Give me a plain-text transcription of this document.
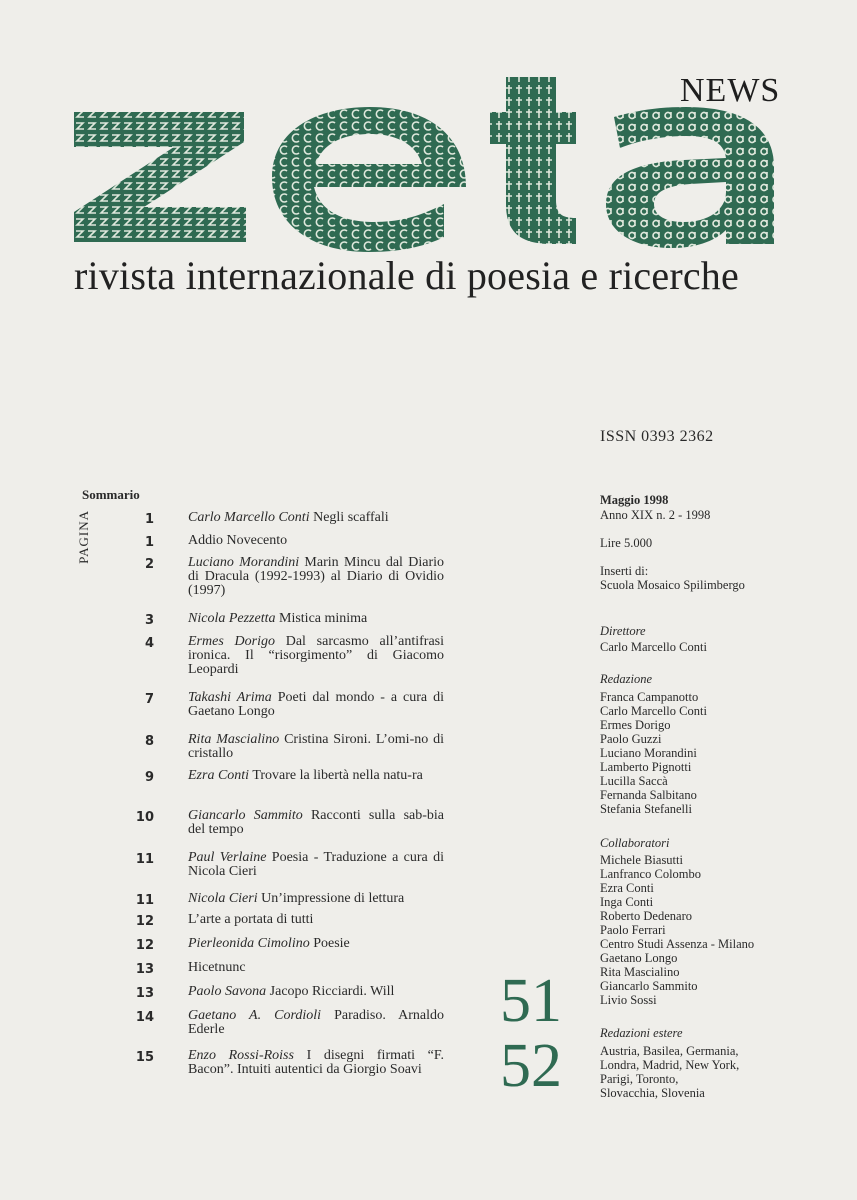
NEWS
rivista internazionale di poesia e ricerche
ISSN 0393 2362
Sommario
PAGINA	1 Carlo Marcello Conti Negli scaffali
1 Addio Novecento
2 Luciano Morandini Marin Mincu dal Diario di Dracula (1992-1993) al Diario di Ovidio (1997)
3 Nicola Pezzetta Mistica minima
4 Ermes Dorigo Dal sarcasmo all’antifrasi ironica. Il “risorgimento” di Giacomo Leopardi
7 Takashi Arima Poeti dal mondo - a cura di Gaetano Longo
8 Rita Mascialino Cristina Sironi. L’omi-no di cristallo
9 Ezra Conti Trovare la libertà nella natu-ra
10 Giancarlo Sammito Racconti sulla sab-bia del tempo
11 Paul Verlaine Poesia - Traduzione a cura di Nicola Cieri
11 Nicola Cieri Un’impressione di lettura
12 L’arte a portata di tutti
12 Pierleonida Cimolino Poesie
13 Hicetnunc
13 Paolo Savona Jacopo Ricciardi. Will
14 Gaetano A. Cordioli Paradiso. Arnaldo Ederle
15 Enzo Rossi-Roiss I disegni firmati “F. Bacon”. Intuiti autentici da Giorgio Soavi
51
52
Maggio 1998
Anno XIX n. 2 - 1998
Lire 5.000
Inserti di:
Scuola Mosaico Spilimbergo
Direttore
Carlo Marcello Conti
Redazione
Franca Campanotto
Carlo Marcello Conti
Ermes Dorigo
Paolo Guzzi
Luciano Morandini
Lamberto Pignotti
Lucilla Saccà
Fernanda Salbitano
Stefania Stefanelli
Collaboratori
Michele Biasutti
Lanfranco Colombo
Ezra Conti
Inga Conti
Roberto Dedenaro
Paolo Ferrari
Centro Studi Assenza - Milano
Gaetano Longo
Rita Mascialino
Giancarlo Sammito
Livio Sossi
Redazioni estere
Austria, Basilea, Germania,
Londra, Madrid, New York,
Parigi, Toronto,
Slovacchia, Slovenia
